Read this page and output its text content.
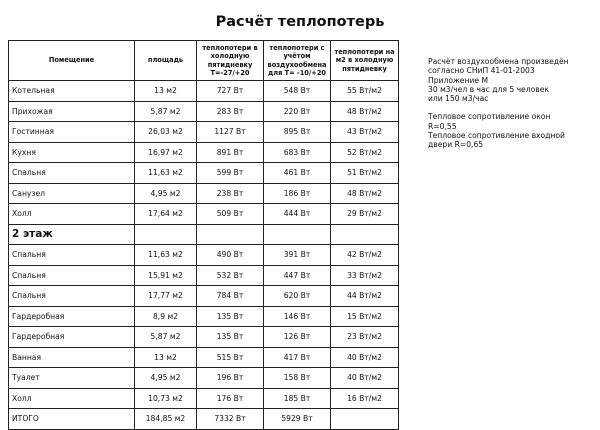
Расчёт теплопотерь
Помещение	площадь	теплопотери в холодную пятидневку T=-27/+20	теплопотери с учётом воздухообмена для T= -10/+20	теплопотери на м2 в холодную пятидневку
Котельная	13 м2	727 Вт	548 Вт	55 Вт/м2
Прихожая	5,87 м2	283 Вт	220 Вт	48 Вт/м2
Гостинная	26,03 м2	1127 Вт	895 Вт	43 Вт/м2
Кухня	16,97 м2	891 Вт	683 Вт	52 Вт/м2
Спальня	11,63 м2	599 Вт	461 Вт	51 Вт/м2
Санузел	4,95 м2	238 Вт	186 Вт	48 Вт/м2
Холл	17,64 м2	509 Вт	444 Вт	29 Вт/м2
2 этаж				
Спальня	11,63 м2	490 Вт	391 Вт	42 Вт/м2
Спальня	15,91 м2	532 Вт	447 Вт	33 Вт/м2
Спальня	17,77 м2	784 Вт	620 Вт	44 Вт/м2
Гардеробная	8,9 м2	135 Вт	146 Вт	15 Вт/м2
Гардеробная	5,87 м2	135 Вт	126 Вт	23 Вт/м2
Ванная	13 м2	515 Вт	417 Вт	40 Вт/м2
Туалет	4,95 м2	196 Вт	158 Вт	40 Вт/м2
Холл	10,73 м2	176 Вт	185 Вт	16 Вт/м2
ИТОГО	184,85 м2	7332 Вт	5929 Вт	

Расчёт воздухообмена произведён
согласно СНиП 41-01-2003
Приложение М
30 м3/чел в час для 5 человек
или 150 м3/час

Тепловое сопротивление окон
R=0,55
Тепловое сопротивление входной
двери R=0,65
